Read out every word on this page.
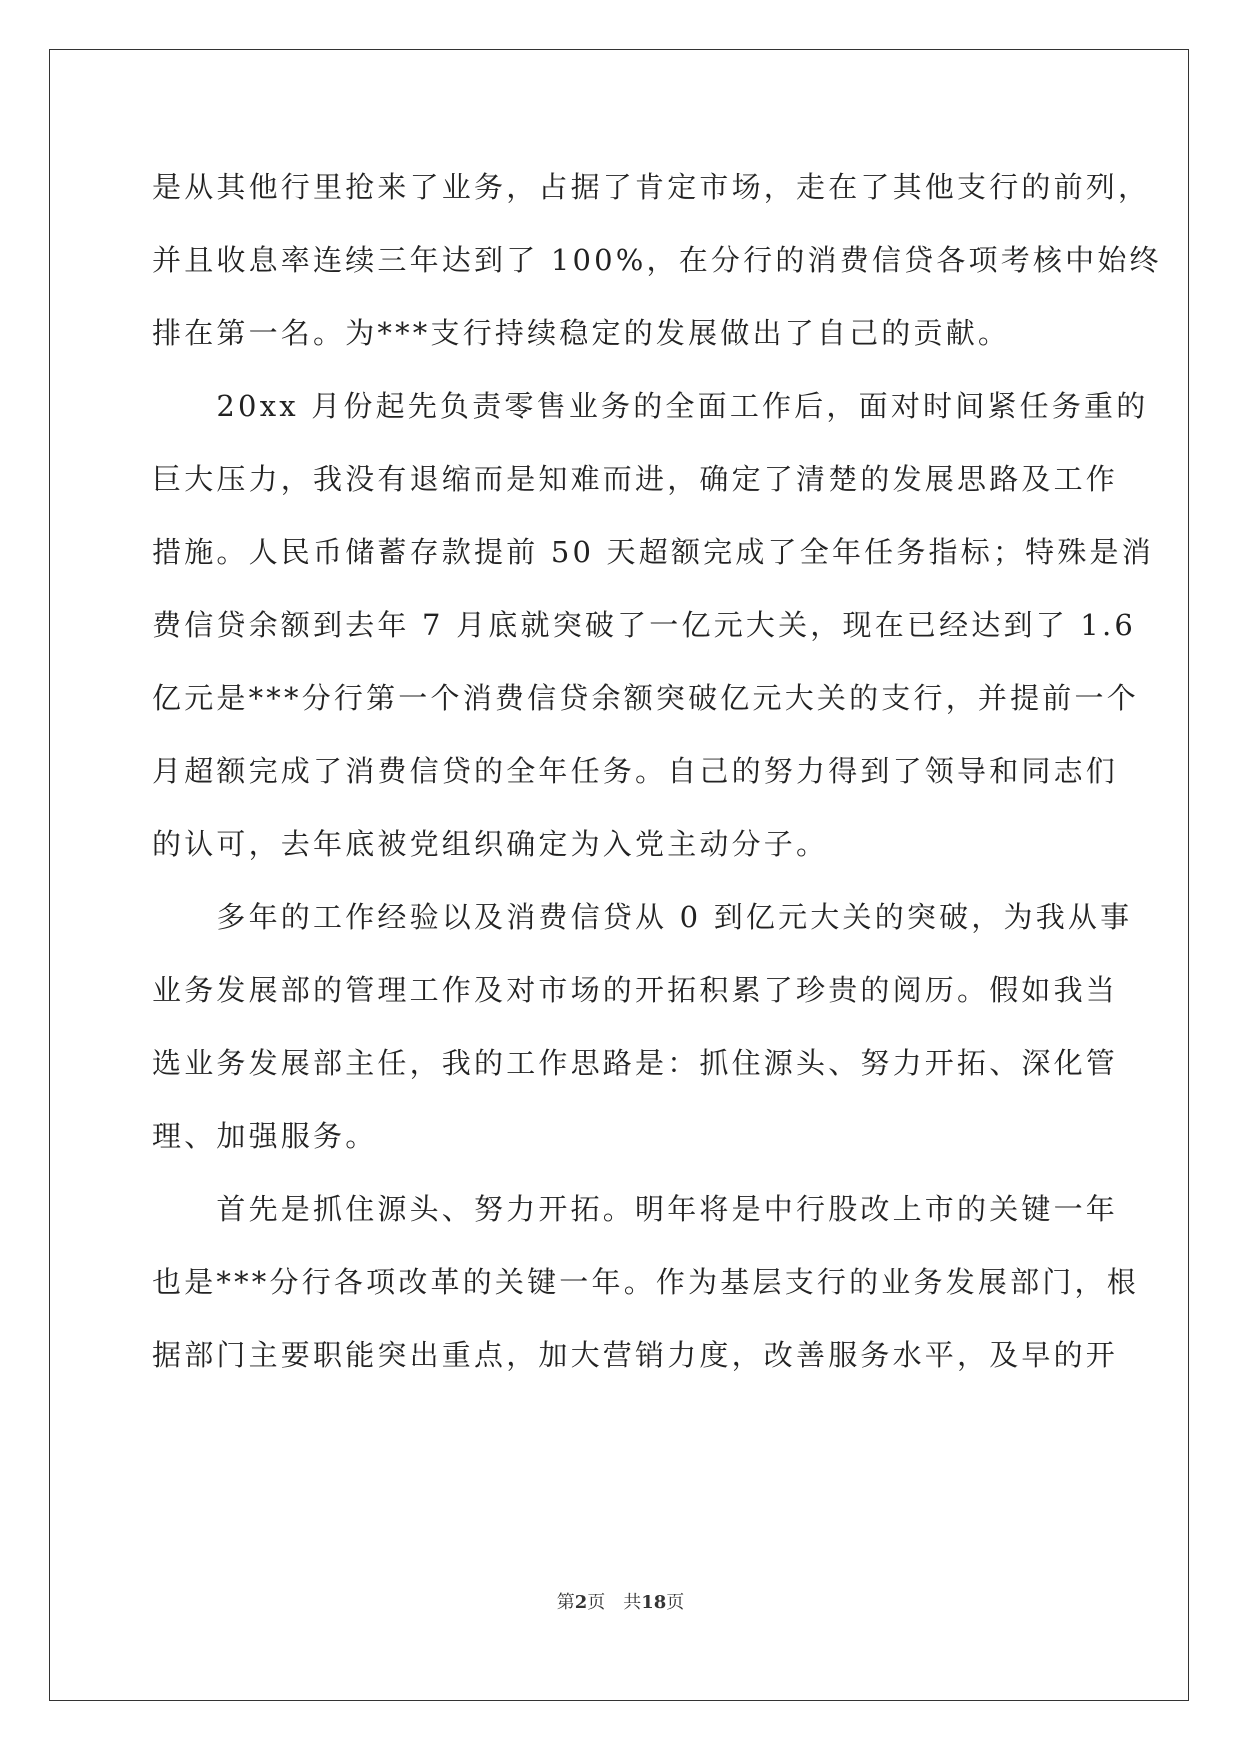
是从其他行里抢来了业务，占据了肯定市场，走在了其他支行的前列，
并且收息率连续三年达到了 100%，在分行的消费信贷各项考核中始终
排在第一名。为***支行持续稳定的发展做出了自己的贡献。
　　20xx 月份起先负责零售业务的全面工作后，面对时间紧任务重的
巨大压力，我没有退缩而是知难而进，确定了清楚的发展思路及工作
措施。人民币储蓄存款提前 50 天超额完成了全年任务指标；特殊是消
费信贷余额到去年 7 月底就突破了一亿元大关，现在已经达到了 1.6
亿元是***分行第一个消费信贷余额突破亿元大关的支行，并提前一个
月超额完成了消费信贷的全年任务。自己的努力得到了领导和同志们
的认可，去年底被党组织确定为入党主动分子。
　　多年的工作经验以及消费信贷从 0 到亿元大关的突破，为我从事
业务发展部的管理工作及对市场的开拓积累了珍贵的阅历。假如我当
选业务发展部主任，我的工作思路是：抓住源头、努力开拓、深化管
理、加强服务。
　　首先是抓住源头、努力开拓。明年将是中行股改上市的关键一年
也是***分行各项改革的关键一年。作为基层支行的业务发展部门，根
据部门主要职能突出重点，加大营销力度，改善服务水平，及早的开
第2页　共18页
